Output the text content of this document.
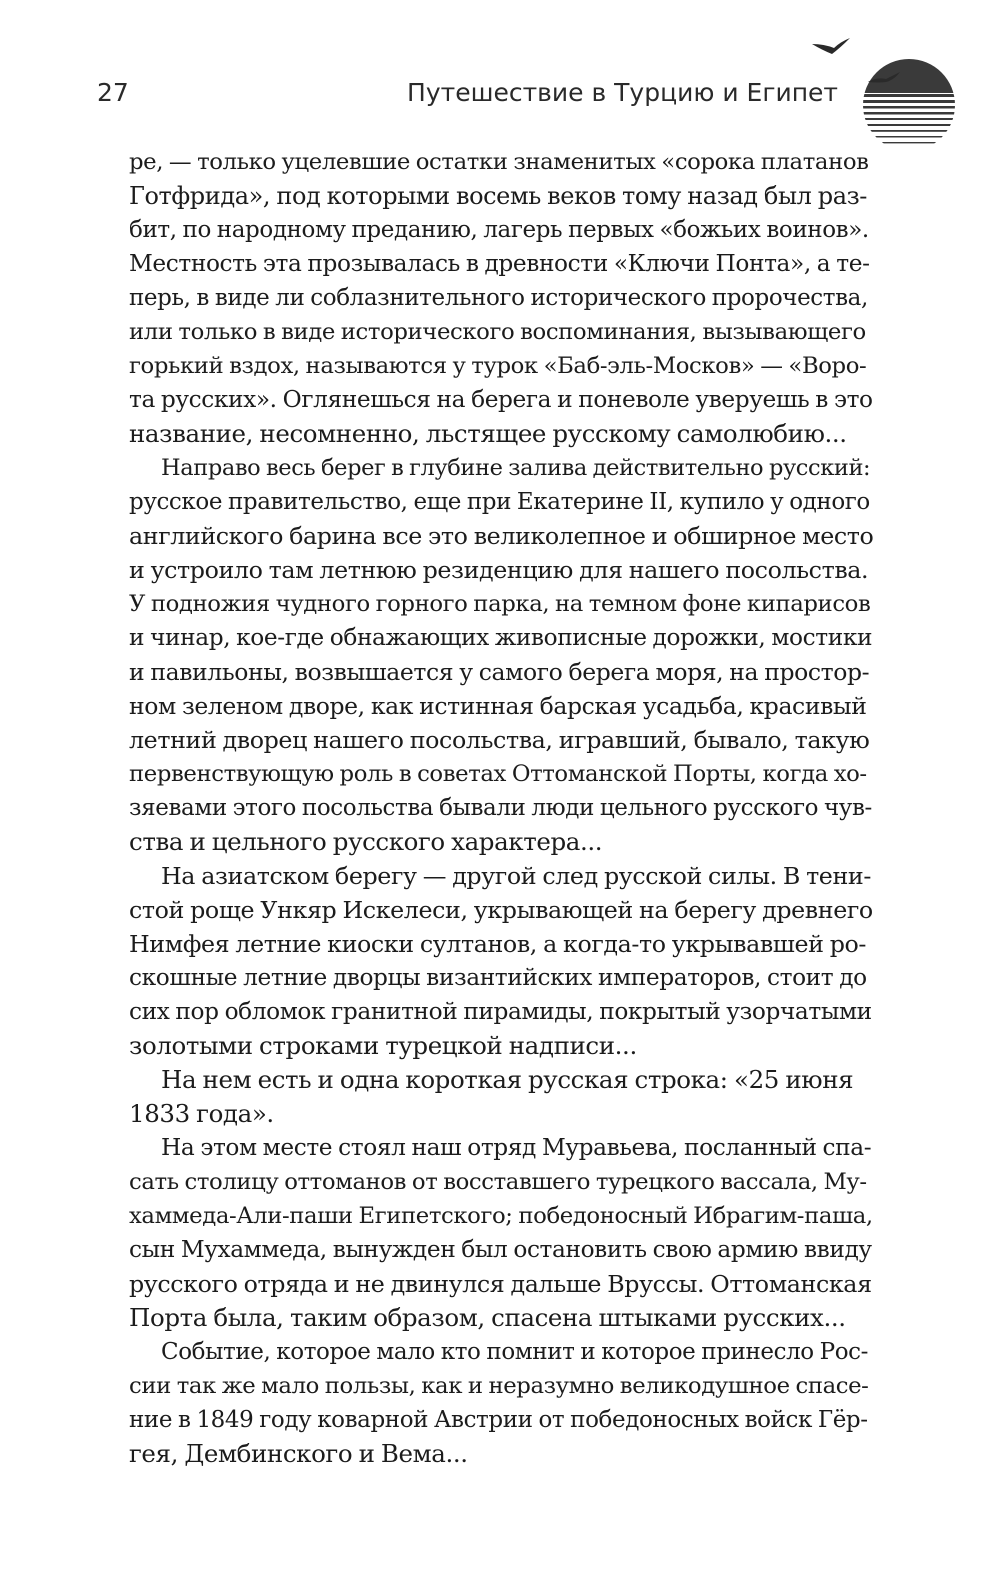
27	Путешествие в Турцию и Египет
ре, — только уцелевшие остатки знаменитых «сорока платанов
Готфрида», под которыми восемь веков тому назад был раз-
бит, по народному преданию, лагерь первых «божьих воинов».
Местность эта прозывалась в древности «Ключи Понта», а те-
перь, в виде ли соблазнительного исторического пророчества,
или только в виде исторического воспоминания, вызывающего
горький вздох, называются у турок «Баб-эль-Москов» — «Воро-
та русских». Оглянешься на берега и поневоле уверуешь в это
название, несомненно, льстящее русскому самолюбию...
Направо весь берег в глубине залива действительно русский:
русское правительство, еще при Екатерине II, купило у одного
английского барина все это великолепное и обширное место
и устроило там летнюю резиденцию для нашего посольства.
У подножия чудного горного парка, на темном фоне кипарисов
и чинар, кое-где обнажающих живописные дорожки, мостики
и павильоны, возвышается у самого берега моря, на простор-
ном зеленом дворе, как истинная барская усадьба, красивый
летний дворец нашего посольства, игравший, бывало, такую
первенствующую роль в советах Оттоманской Порты, когда хо-
зяевами этого посольства бывали люди цельного русского чув-
ства и цельного русского характера...
На азиатском берегу — другой след русской силы. В тени-
стой роще Ункяр Искелеси, укрывающей на берегу древнего
Нимфея летние киоски султанов, а когда-то укрывавшей ро-
скошные летние дворцы византийских императоров, стоит до
сих пор обломок гранитной пирамиды, покрытый узорчатыми
золотыми строками турецкой надписи...
На нем есть и одна короткая русская строка: «25 июня
1833 года».
На этом месте стоял наш отряд Муравьева, посланный спа-
сать столицу оттоманов от восставшего турецкого вассала, Му-
хаммеда-Али-паши Египетского; победоносный Ибрагим-паша,
сын Мухаммеда, вынужден был остановить свою армию ввиду
русского отряда и не двинулся дальше Вруссы. Оттоманская
Порта была, таким образом, спасена штыками русских...
Событие, которое мало кто помнит и которое принесло Рос-
сии так же мало пользы, как и неразумно великодушное спасе-
ние в 1849 году коварной Австрии от победоносных войск Гёр-
гея, Дембинского и Вема...
